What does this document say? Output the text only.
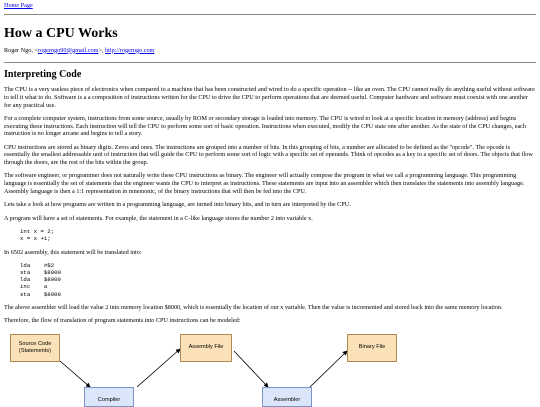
Home Page
How a CPU Works
Roger Ngo, <rogerngo90@gmail.com>, http://rogerngo.com
Interpreting Code

The CPU is a very useless piece of electronics when compared to a machine that has been constructed and wired to do a specific operation -- like an oven. The CPU cannot really do anything useful without software to tell it what to do. Software is a a composition of instructions written for the CPU to drive the CPU to perform operations that are deemed useful. Computer hardware and software must coexist with one another for any practical use.

For a complete computer system, instructions from some source, usually by ROM or secondary storage is loaded into memory. The CPU is wired to look at a specific location in memory (address) and begins executing these instructions. Each instruction will tell the CPU to perform some sort of basic operation. Instructions when executed, modify the CPU state one after another. As the state of the CPU changes, each instruction is no longer arcane and begins to tell a story.

CPU instructions are stored as binary digits. Zeros and ones. The instructions are grouped into a number of bits. In this grouping of bits, a number are allocated to be defined as the "opcode". The opcode is essentially the smallest addressable unit of instruction that will guide the CPU to perform some sort of logic with a specific set of operands. Think of opcodes as a key to a specific set of doors. The objects that flow through the doors, are the rest of the bits within the group.

The software engineer, or programmer does not naturally write these CPU instructions as binary. The engineer will actually compose the program in what we call a programming language. This programming language is essentially the set of statements that the engineer wants the CPU to interpret as instructions. These statements are input into an assembler which then translates the statements into assembly language. Assembly language is then a 1:1 representation in mnemonic, of the binary instructions that will then be fed into the CPU.

Lets take a look at how programs are written in a programming language, are turned into binary bits, and in turn are interpreted by the CPU.

A program will have a set of statements. For example, the statement in a C-like language stores the number 2 into variable x.

int x = 2;
x = x +1;

In 6502 assembly, this statement will be translated into:

lda    #$2
sta    $8000
lda    $8000
inc    a
sta    $8000

The above assembler will load the value 2 into memory location $8000, which is essentially the location of our x variable. Then the value is incremented and stored back into the same memory location.

Therefore, the flow of translation of program statements into CPU instructions can be modeled:

Source Code
(Statements)
Compiler
Assembly File
Assembler
Binary File
